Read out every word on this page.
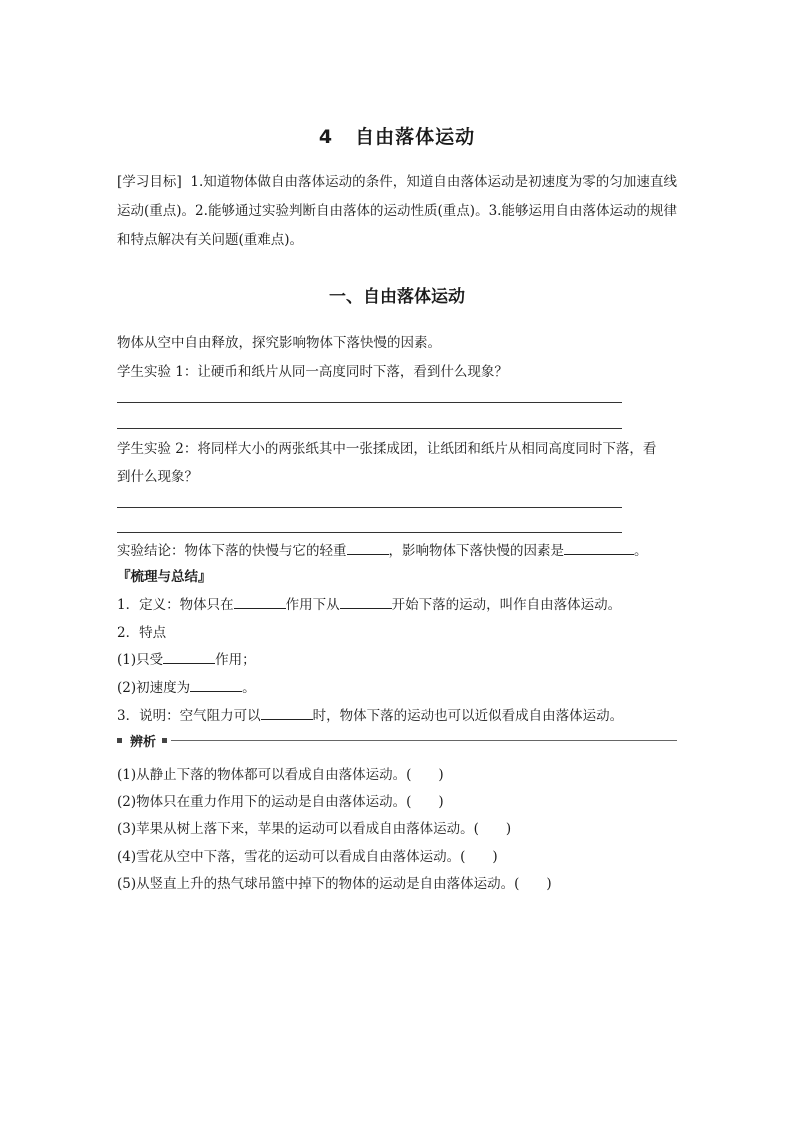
4 自由落体运动
[学习目标] 1.知道物体做自由落体运动的条件，知道自由落体运动是初速度为零的匀加速直线运动(重点)。2.能够通过实验判断自由落体的运动性质(重点)。3.能够运用自由落体运动的规律和特点解决有关问题(重难点)。
一、自由落体运动
物体从空中自由释放，探究影响物体下落快慢的因素。
学生实验 1：让硬币和纸片从同一高度同时下落，看到什么现象？
学生实验 2：将同样大小的两张纸其中一张揉成团，让纸团和纸片从相同高度同时下落，看
到什么现象？
实验结论：物体下落的快慢与它的轻重	，影响物体下落快慢的因素是	。
『梳理与总结』
1．定义：物体只在	作用下从	开始下落的运动，叫作自由落体运动。
2．特点
(1)只受	作用；
(2)初速度为	。
3．说明：空气阻力可以	时，物体下落的运动也可以近似看成自由落体运动。
辨析
(1)从静止下落的物体都可以看成自由落体运动。(　　)
(2)物体只在重力作用下的运动是自由落体运动。(　　)
(3)苹果从树上落下来，苹果的运动可以看成自由落体运动。(　　)
(4)雪花从空中下落，雪花的运动可以看成自由落体运动。(　　)
(5)从竖直上升的热气球吊篮中掉下的物体的运动是自由落体运动。(　　)
